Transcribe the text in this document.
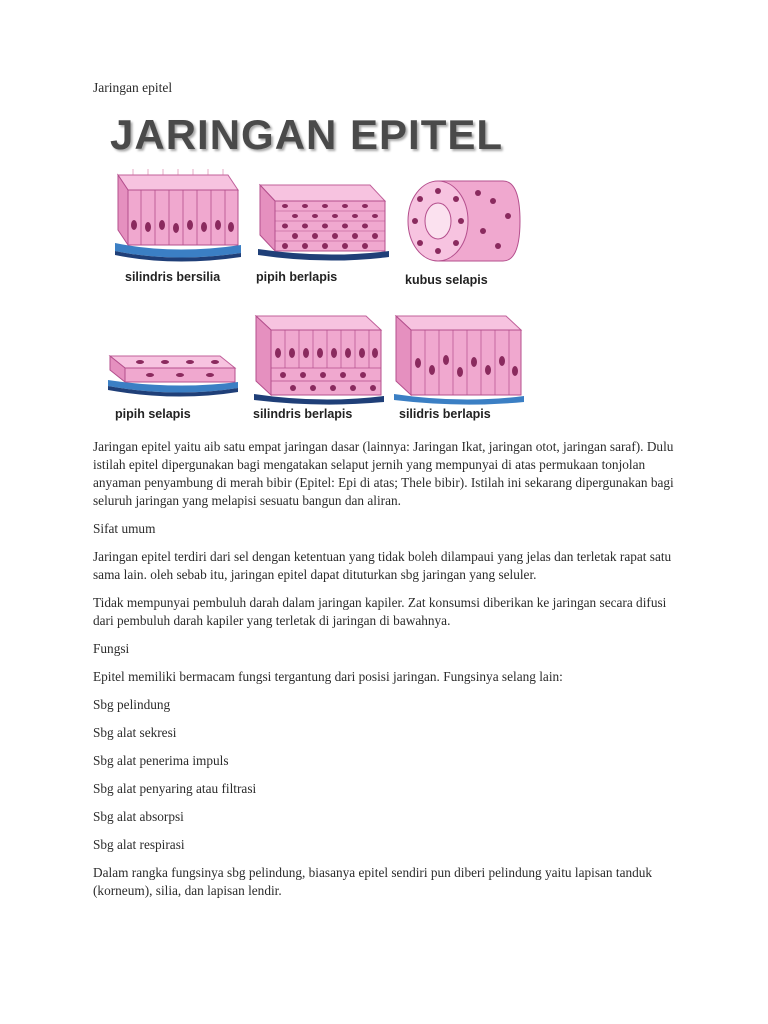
Jaringan epitel
JARINGAN EPITEL
silindris bersilia	pipih berlapis	kubus selapis
pipih selapis	silindris berlapis	silidris berlapis

Jaringan epitel yaitu aib satu empat jaringan dasar (lainnya: Jaringan Ikat, jaringan otot, jaringan saraf). Dulu istilah epitel dipergunakan bagi mengatakan selaput jernih yang mempunyai di atas permukaan tonjolan anyaman penyambung di merah bibir (Epitel: Epi di atas; Thele bibir). Istilah ini sekarang dipergunakan bagi seluruh jaringan yang melapisi sesuatu bangun dan aliran.

Sifat umum

Jaringan epitel terdiri dari sel dengan ketentuan yang tidak boleh dilampaui yang jelas dan terletak rapat satu sama lain. oleh sebab itu, jaringan epitel dapat dituturkan sbg jaringan yang seluler.

Tidak mempunyai pembuluh darah dalam jaringan kapiler. Zat konsumsi diberikan ke jaringan secara difusi dari pembuluh darah kapiler yang terletak di jaringan di bawahnya.

Fungsi

Epitel memiliki bermacam fungsi tergantung dari posisi jaringan. Fungsinya selang lain:

Sbg pelindung

Sbg alat sekresi

Sbg alat penerima impuls

Sbg alat penyaring atau filtrasi

Sbg alat absorpsi

Sbg alat respirasi

Dalam rangka fungsinya sbg pelindung, biasanya epitel sendiri pun diberi pelindung yaitu lapisan tanduk (korneum), silia, dan lapisan lendir.
